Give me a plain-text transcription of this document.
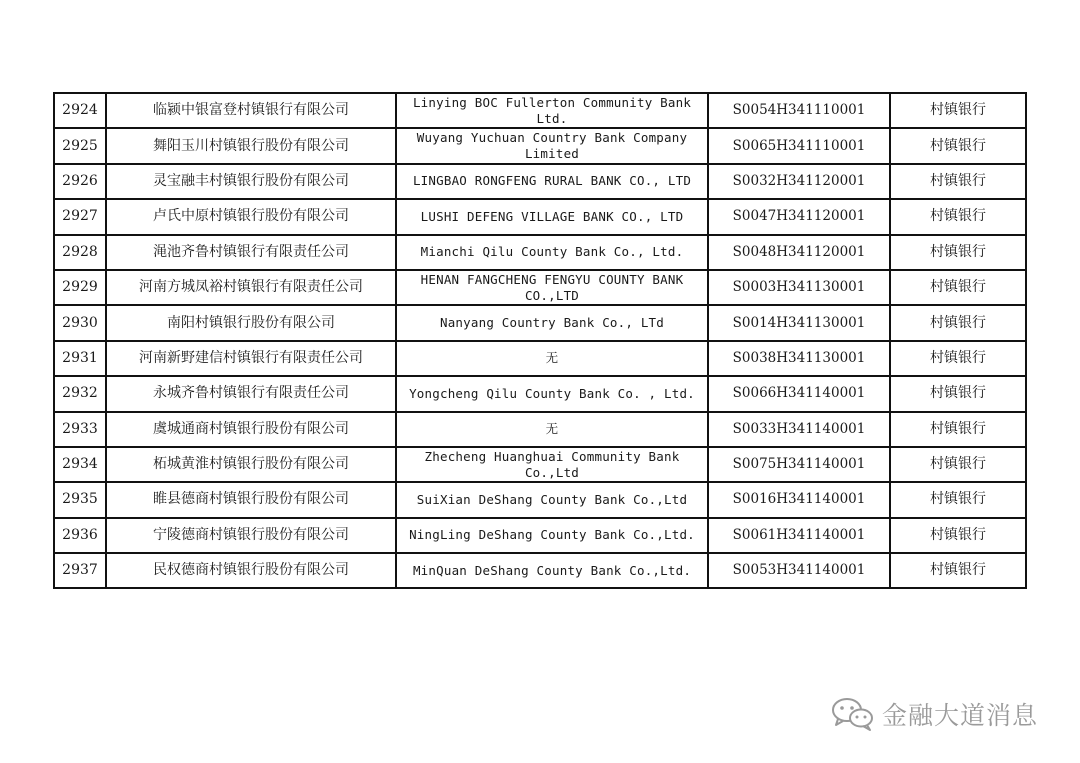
2924	临颍中银富登村镇银行有限公司	Linying BOC Fullerton Community Bank Ltd.	S0054H341110001	村镇银行
2925	舞阳玉川村镇银行股份有限公司	Wuyang Yuchuan Country Bank Company Limited	S0065H341110001	村镇银行
2926	灵宝融丰村镇银行股份有限公司	LINGBAO RONGFENG RURAL BANK CO., LTD	S0032H341120001	村镇银行
2927	卢氏中原村镇银行股份有限公司	LUSHI DEFENG VILLAGE BANK CO., LTD	S0047H341120001	村镇银行
2928	渑池齐鲁村镇银行有限责任公司	Mianchi Qilu County Bank Co., Ltd.	S0048H341120001	村镇银行
2929	河南方城凤裕村镇银行有限责任公司	HENAN FANGCHENG FENGYU COUNTY BANK CO.,LTD	S0003H341130001	村镇银行
2930	南阳村镇银行股份有限公司	Nanyang Country Bank Co., LTd	S0014H341130001	村镇银行
2931	河南新野建信村镇银行有限责任公司	无	S0038H341130001	村镇银行
2932	永城齐鲁村镇银行有限责任公司	Yongcheng Qilu County Bank Co. , Ltd.	S0066H341140001	村镇银行
2933	虞城通商村镇银行股份有限公司	无	S0033H341140001	村镇银行
2934	柘城黄淮村镇银行股份有限公司	Zhecheng Huanghuai Community Bank Co.,Ltd	S0075H341140001	村镇银行
2935	睢县德商村镇银行股份有限公司	SuiXian DeShang County Bank Co.,Ltd	S0016H341140001	村镇银行
2936	宁陵德商村镇银行股份有限公司	NingLing DeShang County Bank Co.,Ltd.	S0061H341140001	村镇银行
2937	民权德商村镇银行股份有限公司	MinQuan DeShang County Bank Co.,Ltd.	S0053H341140001	村镇银行
金融大道消息
